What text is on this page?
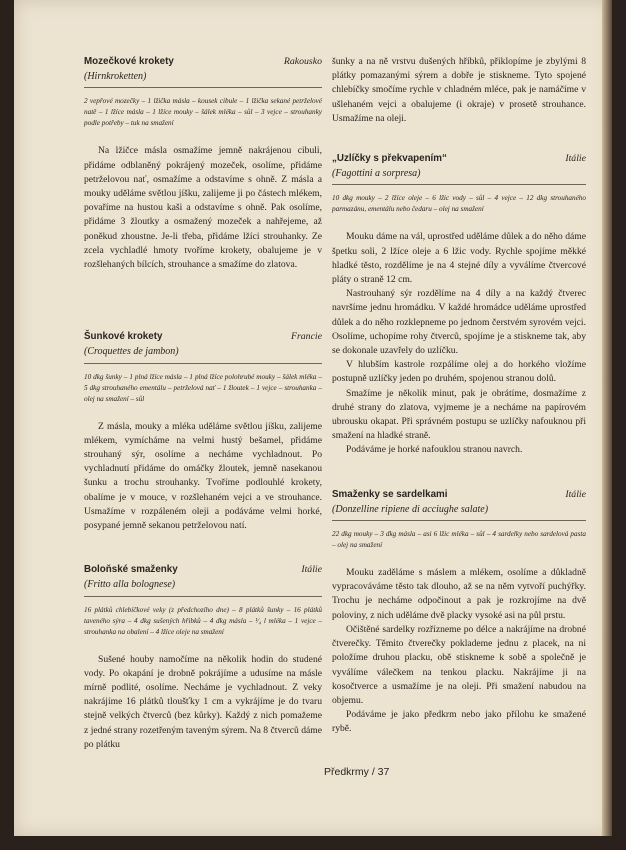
Mozečkové krokety	Rakousko
(Hirnkroketten)
2 vepřové mozečky – 1 lžička másla – kousek cibule – 1 lžička sekané petrželové natě – 1 lžíce másla – 1 lžíce mouky – šálek mléka – sůl – 3 vejce – strouhanky podle potřeby – tuk na smažení

Na lžičce másla osmažíme jemně nakrájenou cibuli, přidáme odblaněný pokrájený mozeček, osolíme, přidáme petrželovou nať, osmažíme a odstavíme s ohně. Z másla a mouky uděláme světlou jíšku, zalijeme ji po částech mlékem, povaříme na hustou kaši a odstavíme s ohně. Pak osolíme, přidáme 3 žloutky a osmažený mozeček a nahřejeme, až poněkud zhoustne. Je-li třeba, přidáme lžíci strouhanky. Ze zcela vychladlé hmoty tvoříme krokety, obalujeme je v rozšlehaných bílcích, strouhance a smažíme do zlatova.

Šunkové krokety	Francie
(Croquettes de jambon)
10 dkg šunky – 1 plná lžíce másla – 1 plná lžíce polohrubé mouky – šálek mléka – 5 dkg strouhaného ementálu – petrželová nať – 1 žloutek – 1 vejce – strouhanka – olej na smažení – sůl

Z másla, mouky a mléka uděláme světlou jíšku, zalijeme mlékem, vymícháme na velmi hustý bešamel, přidáme strouhaný sýr, osolíme a necháme vychladnout. Po vychladnutí přidáme do omáčky žloutek, jemně nasekanou šunku a trochu strouhanky. Tvoříme podlouhlé krokety, obalíme je v mouce, v rozšlehaném vejci a ve strouhance. Usmažíme v rozpáleném oleji a podáváme velmi horké, posypané jemně sekanou petrželovou natí.

Boloňské smaženky	Itálie
(Fritto alla bolognese)
16 plátků chlebíčkové veky (z předchozího dne) – 8 plátků šunky – 16 plátků taveného sýra – 4 dkg sušených hřibků – 4 dkg másla – ¹⁄₄ l mléka – 1 vejce – strouhanka na obalení – 4 lžíce oleje na smažení

Sušené houby namočíme na několik hodin do studené vody. Po okapání je drobně pokrájíme a udusíme na másle mírně podlité, osolíme. Necháme je vychladnout. Z veky nakrájíme 16 plátků tloušťky 1 cm a vykrájíme je do tvaru stejně velkých čtverců (bez kůrky). Každý z nich pomažeme z jedné strany rozetřeným taveným sýrem. Na 8 čtverců dáme po plátku

šunky a na ně vrstvu dušených hříbků, přiklopíme je zbylými 8 plátky pomazanými sýrem a dobře je stiskneme. Tyto spojené chlebíčky smočíme rychle v chladném mléce, pak je namáčíme v ušlehaném vejci a obalujeme (i okraje) v prosetě strouhance. Usmažíme na oleji.

„Uzlíčky s překvapením“	Itálie
(Fagottini a sorpresa)
10 dkg mouky – 2 lžíce oleje – 6 lžic vody – sůl – 4 vejce – 12 dkg strouhaného parmazánu, ementálu nebo čedaru – olej na smažení

Mouku dáme na vál, uprostřed uděláme důlek a do něho dáme špetku soli, 2 lžíce oleje a 6 lžic vody. Rychle spojíme měkké hladké těsto, rozdělíme je na 4 stejné díly a vyválíme čtvercové pláty o straně 12 cm.

Nastrouhaný sýr rozdělíme na 4 díly a na každý čtverec navršíme jednu hromádku. V každé hromádce uděláme uprostřed důlek a do něho rozklepneme po jednom čerstvém syrovém vejci. Osolíme, uchopíme rohy čtverců, spojíme je a stiskneme tak, aby se dokonale uzavřely do uzlíčku.

V hlubším kastrole rozpálíme olej a do horkého vložíme postupně uzlíčky jeden po druhém, spojenou stranou dolů.

Smažíme je několik minut, pak je obrátíme, dosmažíme z druhé strany do zlatova, vyjmeme je a necháme na papírovém ubrousku okapat. Při správném postupu se uzlíčky nafouknou při smažení na hladké straně.

Podáváme je horké nafouklou stranou navrch.

Smaženky se sardelkami	Itálie
(Donzelline ripiene di acciughe salate)
22 dkg mouky – 3 dkg másla – asi 6 lžic mléka – sůl – 4 sardelky nebo sardelová pasta – olej na smažení

Mouku zaděláme s máslem a mlékem, osolíme a důkladně vypracováváme těsto tak dlouho, až se na něm vytvoří puchýřky. Trochu je necháme odpočinout a pak je rozkrojíme na dvě poloviny, z nich uděláme dvě placky vysoké asi na půl prstu.

Očištěné sardelky rozřízneme po délce a nakrájíme na drobné čtverečky. Těmito čtverečky poklademe jednu z placek, na ni položíme druhou placku, obě stiskneme k sobě a společně je vyválíme válečkem na tenkou placku. Nakrájíme ji na kosočtverce a usmažíme je na oleji. Při smažení nabudou na objemu.

Podáváme je jako předkrm nebo jako přílohu ke smažené rybě.

Předkrmy / 37
